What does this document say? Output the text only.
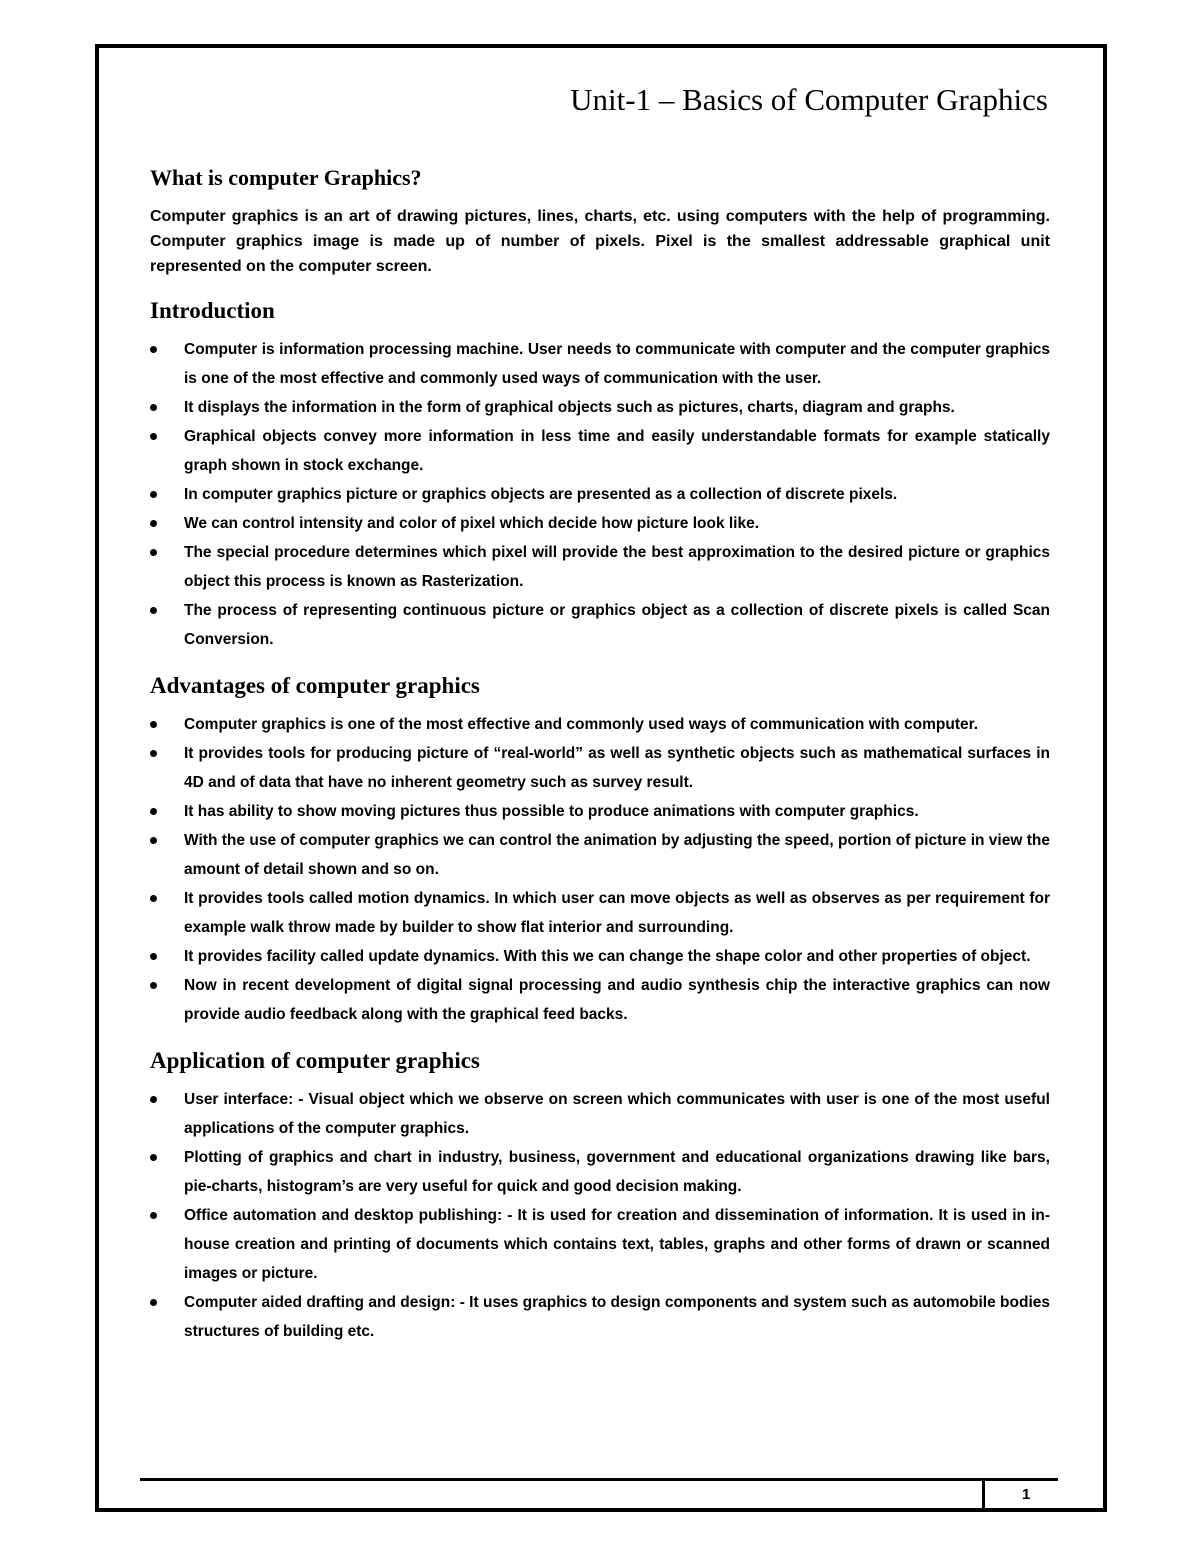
Unit-1 – Basics of Computer Graphics
What is computer Graphics?

Computer graphics is an art of drawing pictures, lines, charts, etc. using computers with the help of programming. Computer graphics image is made up of number of pixels. Pixel is the smallest addressable graphical unit represented on the computer screen.

Introduction
Computer is information processing machine. User needs to communicate with computer and the computer graphics is one of the most effective and commonly used ways of communication with the user.
It displays the information in the form of graphical objects such as pictures, charts, diagram and graphs.
Graphical objects convey more information in less time and easily understandable formats for example statically graph shown in stock exchange.
In computer graphics picture or graphics objects are presented as a collection of discrete pixels.
We can control intensity and color of pixel which decide how picture look like.
The special procedure determines which pixel will provide the best approximation to the desired picture or graphics object this process is known as Rasterization.
The process of representing continuous picture or graphics object as a collection of discrete pixels is called Scan Conversion.
Advantages of computer graphics
Computer graphics is one of the most effective and commonly used ways of communication with computer.
It provides tools for producing picture of “real-world” as well as synthetic objects such as mathematical surfaces in 4D and of data that have no inherent geometry such as survey result.
It has ability to show moving pictures thus possible to produce animations with computer graphics.
With the use of computer graphics we can control the animation by adjusting the speed, portion of picture in view the amount of detail shown and so on.
It provides tools called motion dynamics. In which user can move objects as well as observes as per requirement for example walk throw made by builder to show flat interior and surrounding.
It provides facility called update dynamics. With this we can change the shape color and other properties of object.
Now in recent development of digital signal processing and audio synthesis chip the interactive graphics can now provide audio feedback along with the graphical feed backs.
Application of computer graphics
User interface: - Visual object which we observe on screen which communicates with user is one of the most useful applications of the computer graphics.
Plotting of graphics and chart in industry, business, government and educational organizations drawing like bars, pie-charts, histogram’s are very useful for quick and good decision making.
Office automation and desktop publishing: - It is used for creation and dissemination of information. It is used in in-house creation and printing of documents which contains text, tables, graphs and other forms of drawn or scanned images or picture.
Computer aided drafting and design: - It uses graphics to design components and system such as automobile bodies structures of building etc.
1
